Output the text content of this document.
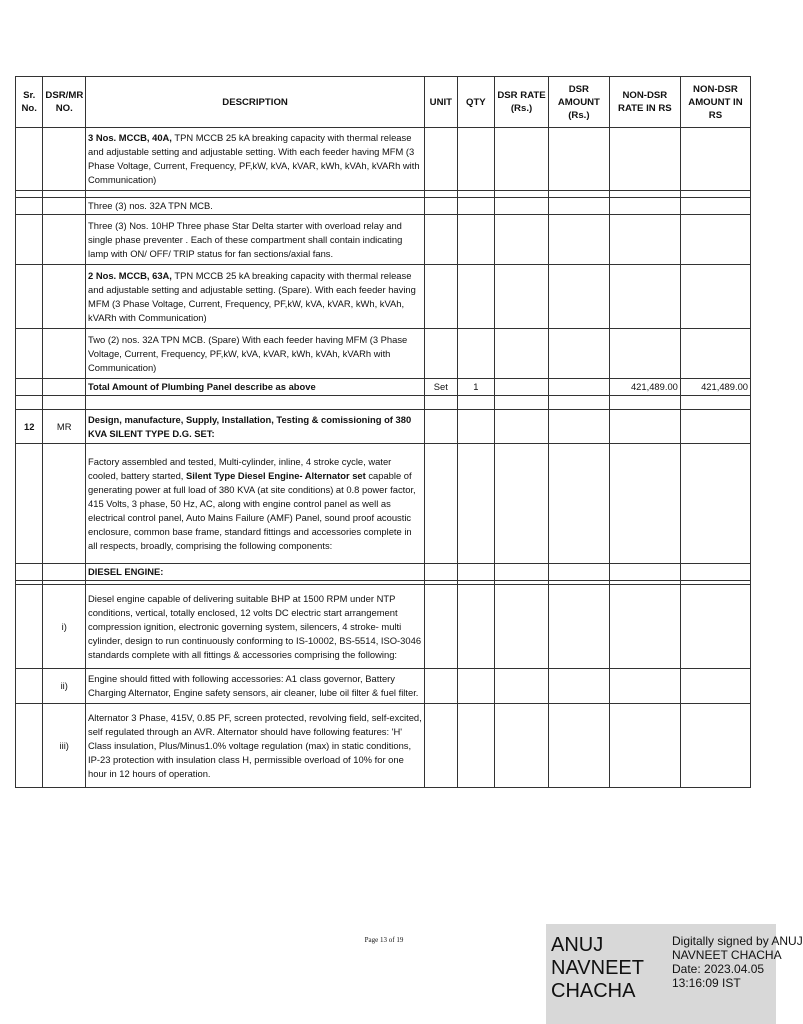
Sr. No.	DSR/MR NO.	DESCRIPTION	UNIT	QTY	DSR RATE (Rs.)	DSR AMOUNT (Rs.)	NON-DSR RATE IN RS	NON-DSR AMOUNT IN RS
		3 Nos. MCCB, 40A, TPN MCCB 25 kA breaking capacity with thermal release and adjustable setting and adjustable setting. With each feeder having MFM (3 Phase Voltage, Current, Frequency, PF,kW, kVA, kVAR, kWh, kVAh, kVARh with Communication)						

		Three (3) nos. 32A TPN MCB.						
		Three (3) Nos. 10HP Three phase Star Delta starter with overload relay and single phase preventer . Each of these compartment shall contain indicating lamp with ON/ OFF/ TRIP status for fan sections/axial fans.						
		2 Nos. MCCB, 63A, TPN MCCB 25 kA breaking capacity with thermal release and adjustable setting and adjustable setting. (Spare). With each feeder having MFM (3 Phase Voltage, Current, Frequency, PF,kW, kVA, kVAR, kWh, kVAh, kVARh with Communication)						
		Two (2) nos. 32A TPN MCB. (Spare) With each feeder having MFM (3 Phase Voltage, Current, Frequency, PF,kW, kVA, kVAR, kWh, kVAh, kVARh with Communication)						
		Total Amount of Plumbing Panel describe as above	Set	1			421,489.00	421,489.00

12	MR	Design, manufacture, Supply, Installation, Testing & comissioning of 380 KVA SILENT TYPE D.G. SET:						
		Factory assembled and tested, Multi-cylinder, inline, 4 stroke cycle, water cooled, battery started, Silent Type Diesel Engine- Alternator set capable of generating power at full load of 380 KVA (at site conditions) at 0.8 power factor, 415 Volts, 3 phase, 50 Hz, AC, along with engine control panel as well as electrical control panel, Auto Mains Failure (AMF) Panel, sound proof acoustic enclosure, common base frame, standard fittings and accessories complete in all respects, broadly, comprising the following components:						
		DIESEL ENGINE:						

	i)	Diesel engine capable of delivering suitable BHP at 1500 RPM under NTP conditions, vertical, totally enclosed, 12 volts DC electric start arrangement compression ignition, electronic governing system, silencers, 4 stroke- multi cylinder, design to run continuously conforming to IS-10002, BS-5514, ISO-3046 standards complete with all fittings & accessories comprising the following:						
	ii)	Engine should fitted with following accessories: A1 class governor, Battery Charging Alternator, Engine safety sensors, air cleaner, lube oil filter & fuel filter.						
	iii)	Alternator 3 Phase, 415V, 0.85 PF, screen protected, revolving field, self-excited, self regulated through an AVR. Alternator should have following features: 'H' Class insulation, Plus/Minus1.0% voltage regulation (max) in static conditions, IP-23 protection with insulation class H, permissible overload of 10% for one hour in 12 hours of operation.						
Page 13 of 19	ANUJ NAVNEET CHACHA
Digitally signed by ANUJ
NAVNEET CHACHA
Date: 2023.04.05
13:16:09 IST
